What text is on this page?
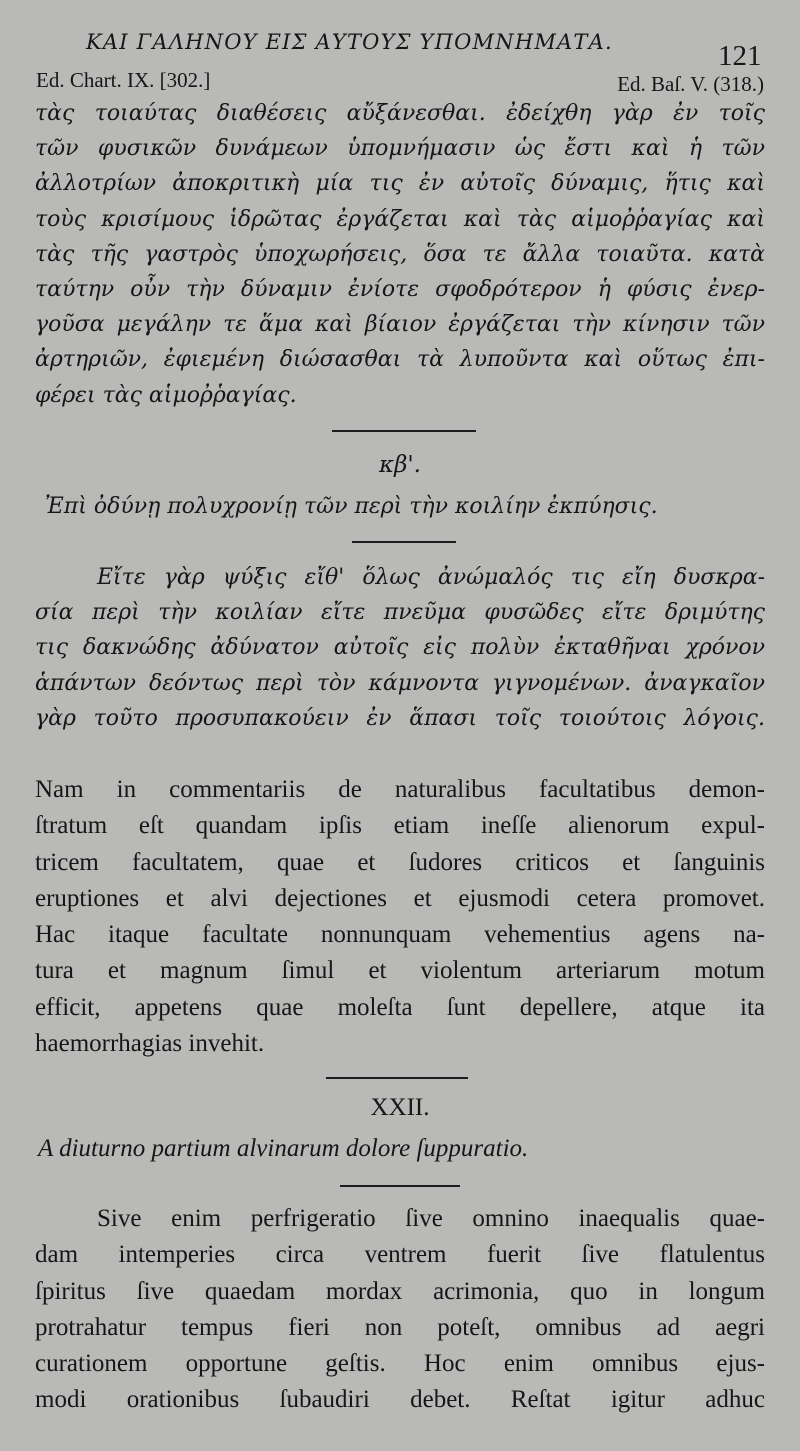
ΚΑΙ ΓΑΛΗΝΟΥ ΕΙΣ ΑΥΤΟΥΣ ΥΠΟΜΝΗΜΑΤΑ.	121
Ed. Chart. IX. [302.]	Ed. Baſ. V. (318.)
τὰς τοιαύτας διαθέσεις αὔξάνεσθαι. ἐδείχθη γὰρ ἐν τοῖς
τῶν φυσικῶν δυνάμεων ὑπομνήμασιν ὡς ἔστι καὶ ἡ τῶν
ἀλλοτρίων ἀποκριτικὴ μία τις ἐν αὐτοῖς δύναμις, ἥτις καὶ
τοὺς κρισίμους ἱδρῶτας ἐργάζεται καὶ τὰς αἱμοῤῥαγίας καὶ
τὰς τῆς γαστρὸς ὑποχωρήσεις, ὅσα τε ἄλλα τοιαῦτα. κατὰ
ταύτην οὖν τὴν δύναμιν ἐνίοτε σφοδρότερον ἡ φύσις ἐνερ-
γοῦσα μεγάλην τε ἅμα καὶ βίαιον ἐργάζεται τὴν κίνησιν τῶν
ἀρτηριῶν, ἐφιεμένη διώσασθαι τὰ λυποῦντα καὶ οὕτως ἐπι-
φέρει τὰς αἱμοῤῥαγίας.
κβ'.
Ἐπὶ ὀδύνῃ πολυχρονίῃ τῶν περὶ τὴν κοιλίην ἐκπύησις.
Εἴτε γὰρ ψύξις εἴθ' ὅλως ἀνώμαλός τις εἴη δυσκρα-
σία περὶ τὴν κοιλίαν εἴτε πνεῦμα φυσῶδες εἴτε δριμύτης
τις δακνώδης ἀδύνατον αὐτοῖς εἰς πολὺν ἐκταθῆναι χρόνον
ἁπάντων δεόντως περὶ τὸν κάμνοντα γιγνομένων. ἀναγκαῖον
γὰρ τοῦτο προσυπακούειν ἐν ἅπασι τοῖς τοιούτοις λόγοις.
Nam in commentariis de naturalibus facultatibus demon-
ſtratum eſt quandam ipſis etiam ineſſe alienorum expul-
tricem facultatem, quae et ſudores criticos et ſanguinis
eruptiones et alvi dejectiones et ejusmodi cetera promovet.
Hac itaque facultate nonnunquam vehementius agens na-
tura et magnum ſimul et violentum arteriarum motum
efficit, appetens quae moleſta ſunt depellere, atque ita
haemorrhagias invehit.
XXII.
A diuturno partium alvinarum dolore ſuppuratio.
Sive enim perfrigeratio ſive omnino inaequalis quae-
dam intemperies circa ventrem fuerit ſive flatulentus
ſpiritus ſive quaedam mordax acrimonia, quo in longum
protrahatur tempus fieri non poteſt, omnibus ad aegri
curationem opportune geſtis. Hoc enim omnibus ejus-
modi orationibus ſubaudiri debet. Reſtat igitur adhuc
